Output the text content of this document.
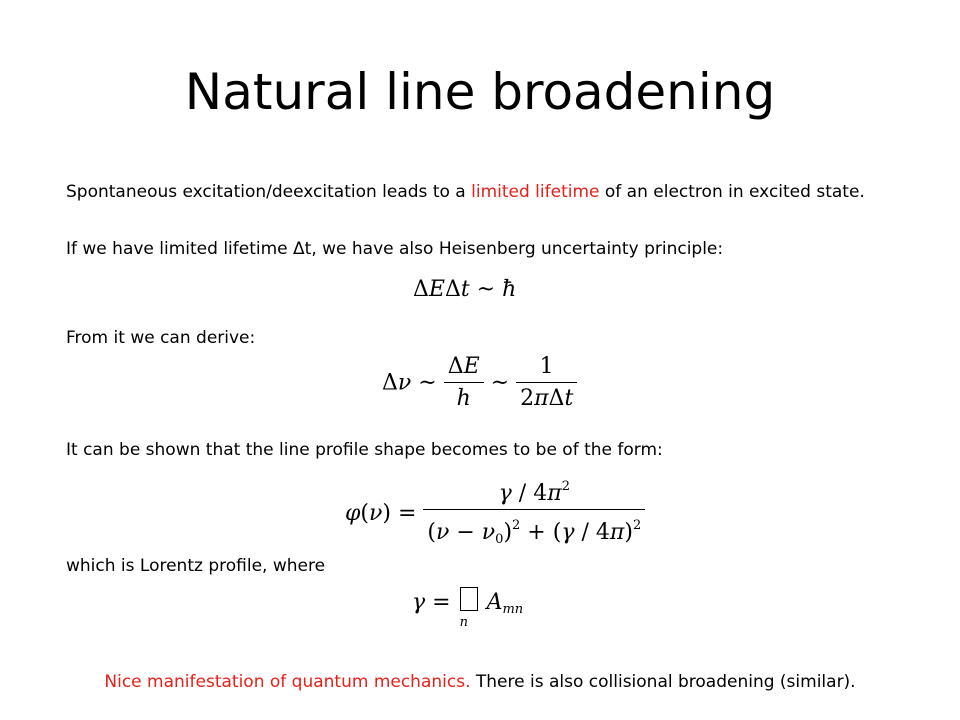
Natural line broadening
Spontaneous excitation/deexcitation leads to a limited lifetime of an electron in excited state.
If we have limited lifetime Δt, we have also Heisenberg uncertainty principle:
ΔEΔt ~ ħ
From it we can derive:
Δν ~ $\frac{\Delta E}{h}$ ~ $\frac{1}{\text{2πΔt}}$
It can be shown that the line profile shape becomes to be of the form:
$\varphi(\nu) = \frac{\gamma / 4\pi^2}{(\nu - \nu_0)^2 + (\gamma / 4\pi)^2}$
which is Lorentz profile, where
γ =
n
$A_{mn}$
Nice manifestation of quantum mechanics. There is also collisional broadening (similar).
